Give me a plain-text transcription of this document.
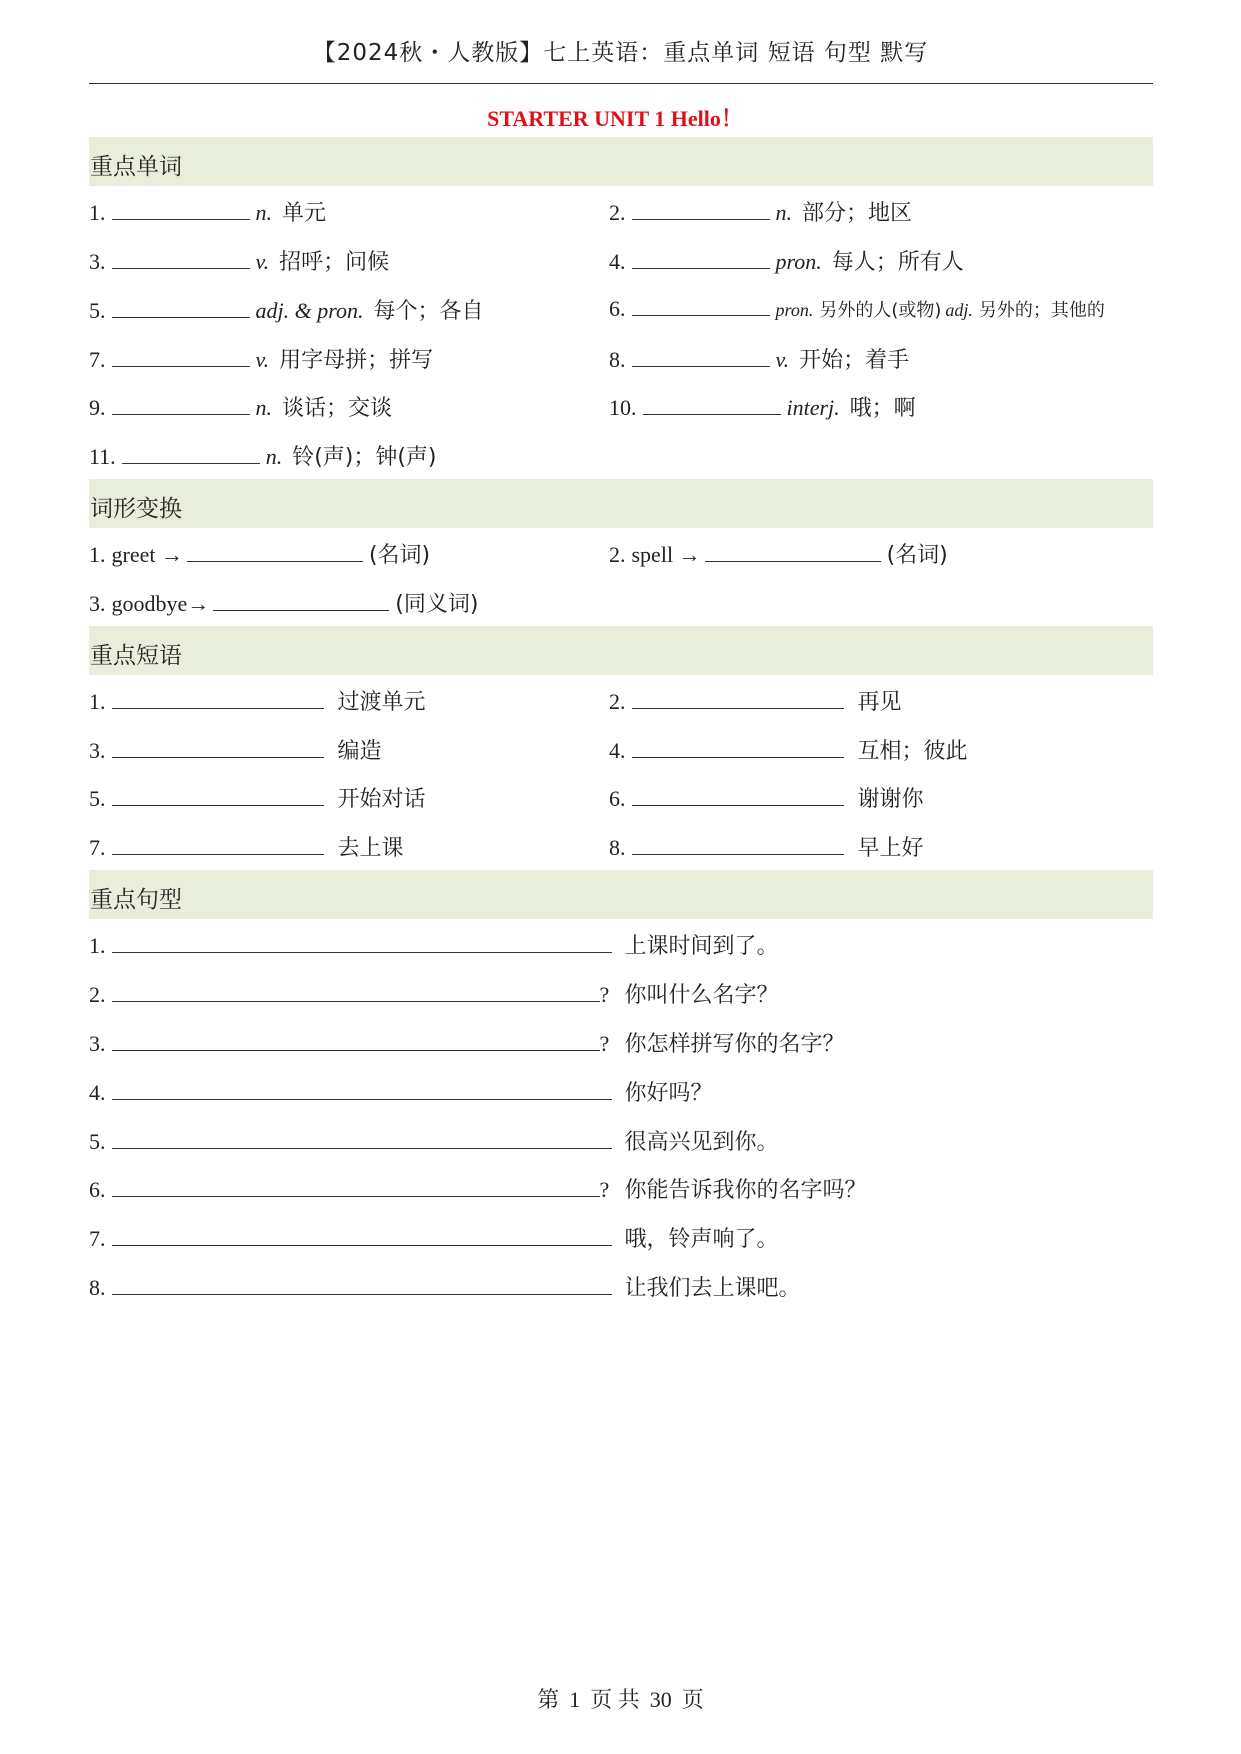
【2024秋・人教版】七上英语：重点单词 短语 句型 默写
STARTER UNIT 1 Hello！
重点单词
1.	n. 单元	2.	n. 部分；地区
3.	v. 招呼；问候	4.	pron. 每人；所有人
5.	adj. & pron. 每个；各自	6.	pron. 另外的人(或物) adj. 另外的；其他的
7.	v. 用字母拼；拼写	8.	v. 开始；着手
9.	n. 谈话；交谈	10.	interj. 哦；啊
11.	n. 铃(声)；钟(声)
词形变换
1. greet →	(名词)	2. spell →	(名词)
3. goodbye→	(同义词)
重点短语
1.	过渡单元	2.	再见
3.	编造	4.	互相；彼此
5.	开始对话	6.	谢谢你
7.	去上课	8.	早上好
重点句型
1.	上课时间到了。
2.	? 你叫什么名字？
3.	? 你怎样拼写你的名字？
4.	你好吗？
5.	很高兴见到你。
6.	? 你能告诉我你的名字吗？
7.	哦，铃声响了。
8.	让我们去上课吧。
第 1 页 共 30 页
